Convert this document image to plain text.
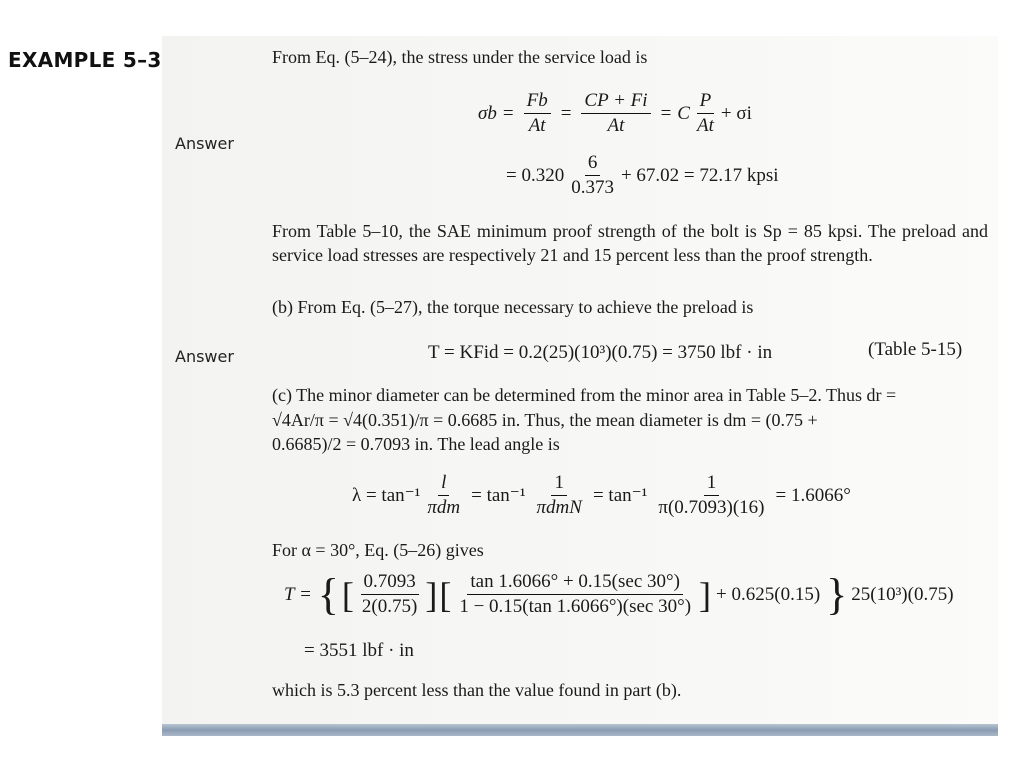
EXAMPLE 5–3	From Eq. (5–24), the stress under the service load is
$\sigma b = \frac{Fb}{At} = \frac{CP + Fi}{At} = C \frac{P}{At} + \sigma i$
Answer
= $0.320 \frac{6}{0.373} + 67.02 = 72.17$ kpsi

From Table 5–10, the SAE minimum proof strength of the bolt is Sp = 85 kpsi. The preload and service load stresses are respectively 21 and 15 percent less than the proof strength.

(b) From Eq. (5–27), the torque necessary to achieve the preload is

Answer	T = KFid = 0.2(25)(10³)(0.75) = 3750 lbf · in	(Table 5-15)

(c) The minor diameter can be determined from the minor area in Table 5–2. Thus dr =

√4Ar/π = √4(0.351)/π = 0.6685 in. Thus, the mean diameter is dm = (0.75 +

0.6685)/2 = 0.7093 in. The lead angle is

$\lambda = \tan^{-1} \frac{l}{\text{πdm}} = \tan^{-1} \frac{1}{\text{πdmN}} = \tan^{-1} \frac{1}{\pi(0.7093)(16)} = 1.6066^\circ$
For α = 30°, Eq. (5–26) gives
T = { [ $\frac{0.7093}{2(0.75)}$ ] [ $\frac{\tan 1.6066^\circ + 0.15(\sec 30^\circ)}{1 - 0.15(\tan 1.6066^\circ)(\sec 30^\circ)}$ ] + 0.625(0.15) } 25(10³)(0.75)
= 3551 lbf · in
which is 5.3 percent less than the value found in part (b).
